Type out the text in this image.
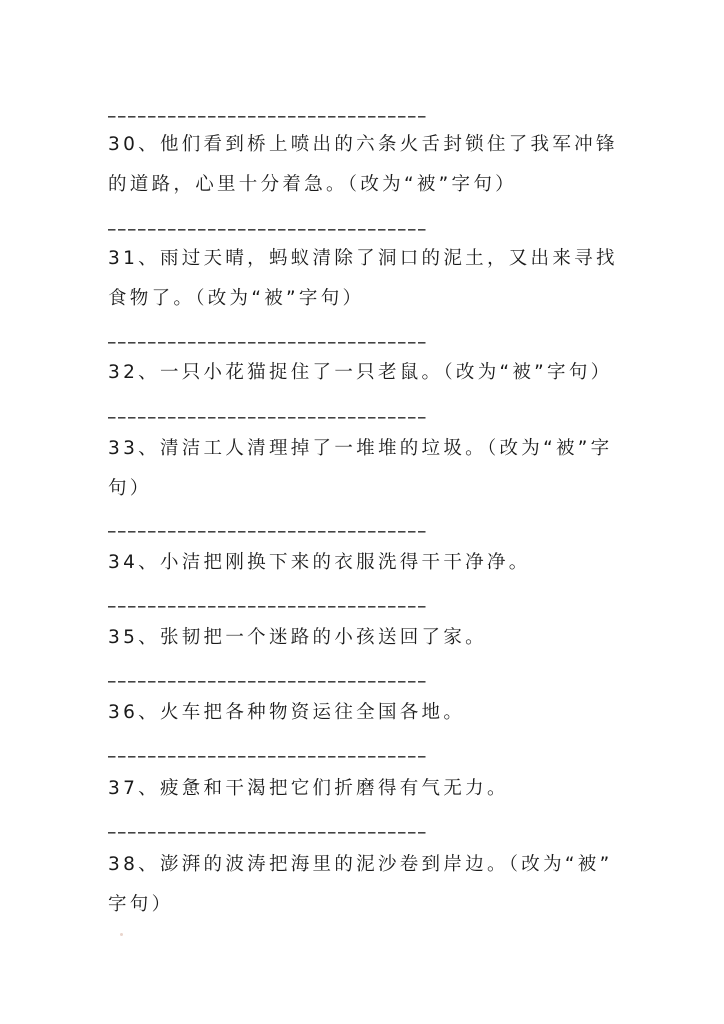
30、他们看到桥上喷出的六条火舌封锁住了我军冲锋
的道路，心里十分着急。（改为“被”字句）
31、雨过天晴，蚂蚁清除了洞口的泥土，又出来寻找
食物了。（改为“被”字句）
32、一只小花猫捉住了一只老鼠。（改为“被”字句）
33、清洁工人清理掉了一堆堆的垃圾。（改为“被”字
句）
34、小洁把刚换下来的衣服洗得干干净净。
35、张韧把一个迷路的小孩送回了家。
36、火车把各种物资运往全国各地。
37、疲惫和干渴把它们折磨得有气无力。
38、澎湃的波涛把海里的泥沙卷到岸边。（改为“被”
字句）
